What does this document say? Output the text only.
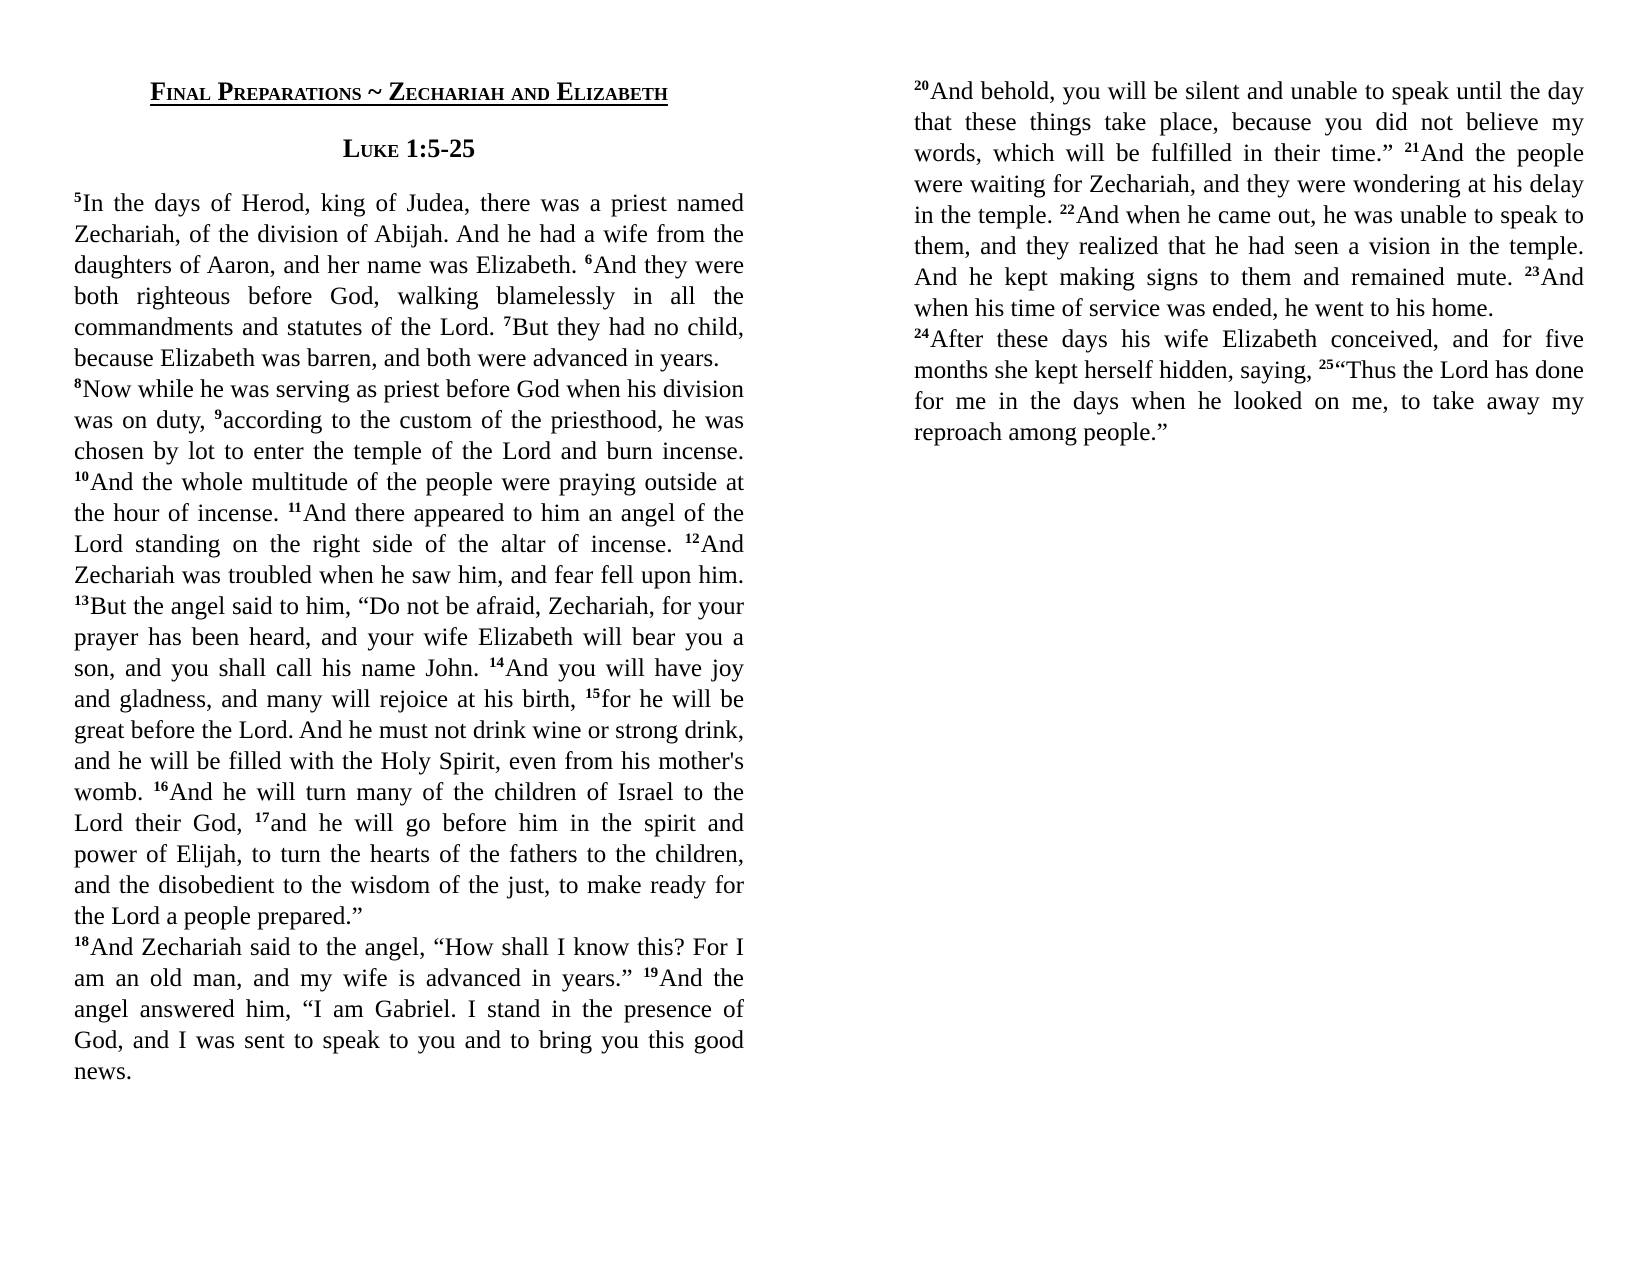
Final Preparations ~ Zechariah and Elizabeth
Luke 1:5-25

$^5$In the days of Herod, king of Judea, there was a priest named Zechariah, of the division of Abijah. And he had a wife from the daughters of Aaron, and her name was Elizabeth. $^6$And they were both righteous before God, walking blamelessly in all the commandments and statutes of the Lord. $^7$But they had no child, because Elizabeth was barren, and both were advanced in years.

$^8$Now while he was serving as priest before God when his division was on duty, $^9$according to the custom of the priesthood, he was chosen by lot to enter the temple of the Lord and burn incense. $^{10}$And the whole multitude of the people were praying outside at the hour of incense. $^{11}$And there appeared to him an angel of the Lord standing on the right side of the altar of incense. $^{12}$And Zechariah was troubled when he saw him, and fear fell upon him. $^{13}$But the angel said to him, “Do not be afraid, Zechariah, for your prayer has been heard, and your wife Elizabeth will bear you a son, and you shall call his name John. $^{14}$And you will have joy and gladness, and many will rejoice at his birth, $^{15}$for he will be great before the Lord. And he must not drink wine or strong drink, and he will be filled with the Holy Spirit, even from his mother's womb. $^{16}$And he will turn many of the children of Israel to the Lord their God, $^{17}$and he will go before him in the spirit and power of Elijah, to turn the hearts of the fathers to the children, and the disobedient to the wisdom of the just, to make ready for the Lord a people prepared.”

$^{18}$And Zechariah said to the angel, “How shall I know this? For I am an old man, and my wife is advanced in years.” $^{19}$And the angel answered him, “I am Gabriel. I stand in the presence of God, and I was sent to speak to you and to bring you this good news.

$^{20}$And behold, you will be silent and unable to speak until the day that these things take place, because you did not believe my words, which will be fulfilled in their time.” $^{21}$And the people were waiting for Zechariah, and they were wondering at his delay in the temple. $^{22}$And when he came out, he was unable to speak to them, and they realized that he had seen a vision in the temple. And he kept making signs to them and remained mute. $^{23}$And when his time of service was ended, he went to his home.

$^{24}$After these days his wife Elizabeth conceived, and for five months she kept herself hidden, saying, $^{25}$“Thus the Lord has done for me in the days when he looked on me, to take away my reproach among people.”
